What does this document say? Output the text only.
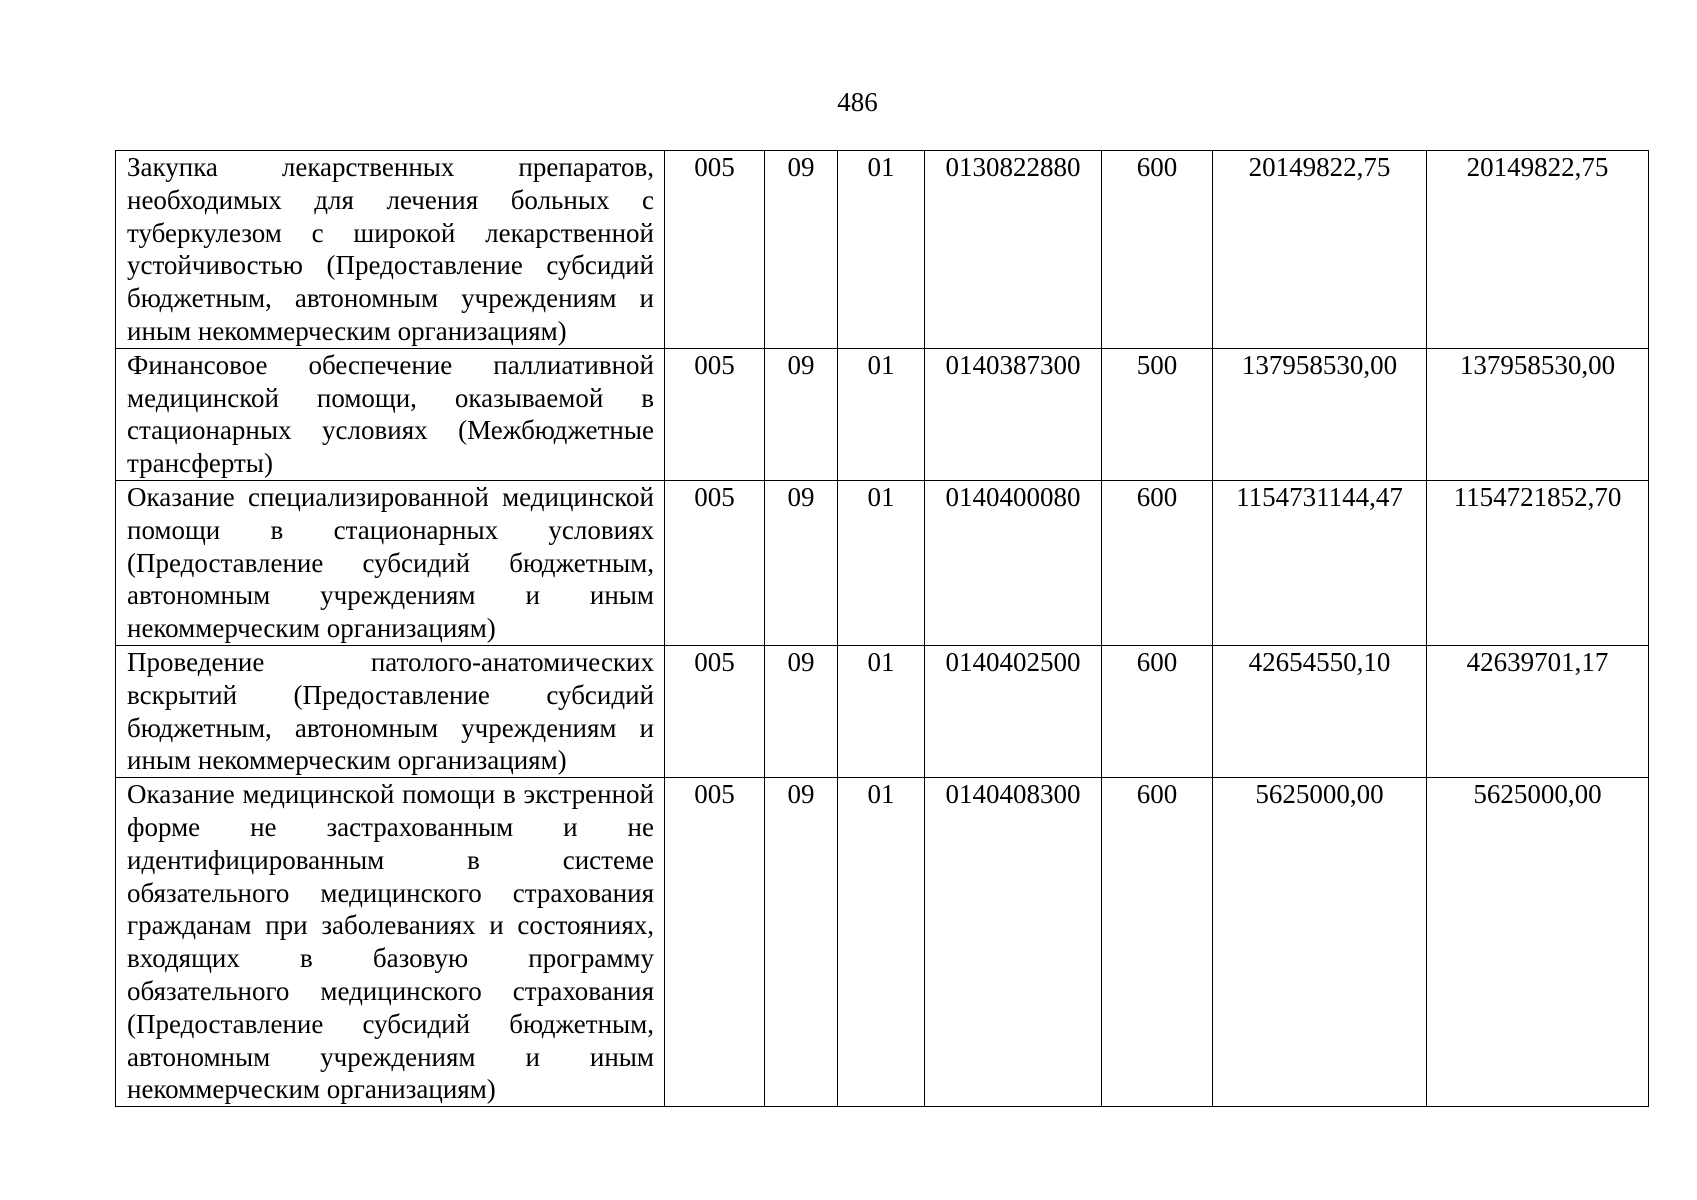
486
Закупка лекарственных препаратов, необходимых для лечения больных с туберкулезом с широкой лекарственной устойчивостью (Предоставление субсидий бюджетным, автономным учреждениям и иным некоммерческим организациям)	005	09	01	0130822880	600	20149822,75	20149822,75
Финансовое обеспечение паллиативной медицинской помощи, оказываемой в стационарных условиях (Межбюджетные трансферты)	005	09	01	0140387300	500	137958530,00	137958530,00
Оказание специализированной медицинской помощи в стационарных условиях (Предоставление субсидий бюджетным, автономным учреждениям и иным некоммерческим организациям)	005	09	01	0140400080	600	1154731144,47	1154721852,70
Проведение патолого-анатомических вскрытий (Предоставление субсидий бюджетным, автономным учреждениям и иным некоммерческим организациям)	005	09	01	0140402500	600	42654550,10	42639701,17
Оказание медицинской помощи в экстренной форме не застрахованным и не идентифицированным в системе обязательного медицинского страхования гражданам при заболеваниях и состояниях, входящих в базовую программу обязательного медицинского страхования (Предоставление субсидий бюджетным, автономным учреждениям и иным некоммерческим организациям)	005	09	01	0140408300	600	5625000,00	5625000,00
